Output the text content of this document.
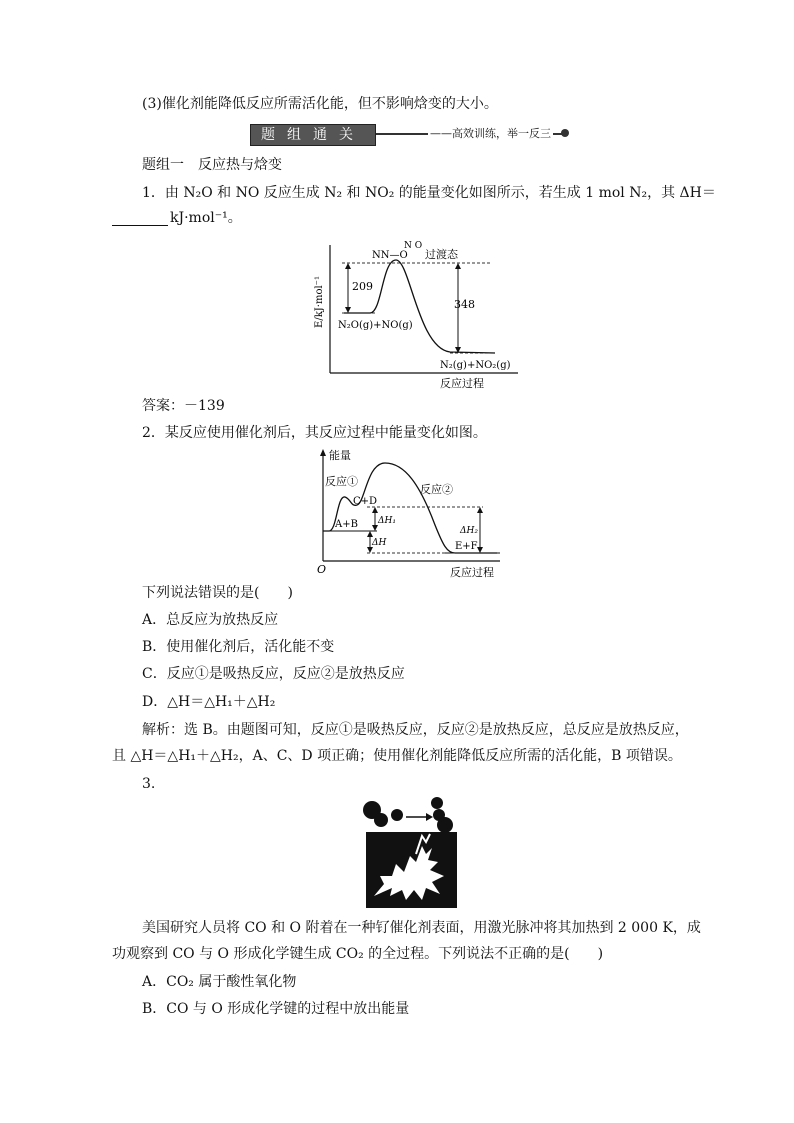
(3)催化剂能降低反应所需活化能，但不影响焓变的大小。
题组通关	——高效训练，举一反三
题组一　反应热与焓变
1．由 N₂O 和 NO 反应生成 N₂ 和 NO₂ 的能量变化如图所示，若生成 1 mol N₂，其 ΔH＝
kJ·mol⁻¹。
E/kJ·mol⁻¹
反应过程
209
348
NN—O
N O
过渡态
N₂O(g)+NO(g)
N₂(g)+NO₂(g)
答案：－139
2．某反应使用催化剂后，其反应过程中能量变化如图。
能量
反应过程
O
反应①
反应②
C+D
A+B
E+F
ΔH₁
ΔH
ΔH₂
下列说法错误的是(　　)
A．总反应为放热反应
B．使用催化剂后，活化能不变
C．反应①是吸热反应，反应②是放热反应
D．△H＝△H₁＋△H₂
解析：选 B。由题图可知，反应①是吸热反应，反应②是放热反应，总反应是放热反应，
且 △H＝△H₁＋△H₂，A、C、D 项正确；使用催化剂能降低反应所需的活化能，B 项错误。
3.
美国研究人员将 CO 和 O 附着在一种钌催化剂表面，用激光脉冲将其加热到 2 000 K，成
功观察到 CO 与 O 形成化学键生成 CO₂ 的全过程。下列说法不正确的是(　　)
A．CO₂ 属于酸性氧化物
B．CO 与 O 形成化学键的过程中放出能量
